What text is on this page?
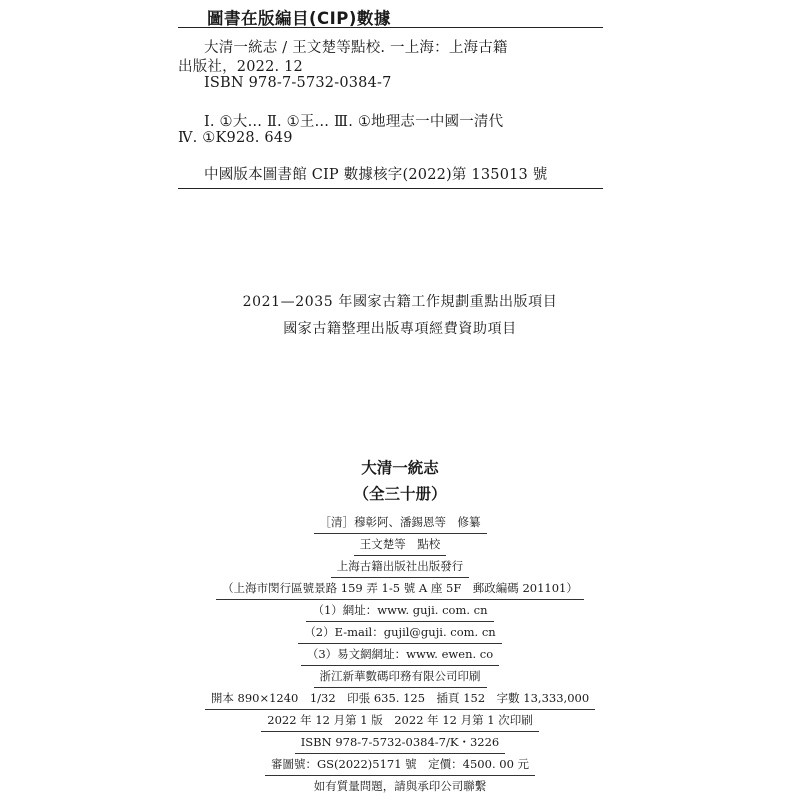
圖書在版編目(CIP)數據
大清一統志 / 王文楚等點校. 一上海：上海古籍
出版社，2022. 12
ISBN 978-7-5732-0384-7
Ⅰ. ①大… Ⅱ. ①王… Ⅲ. ①地理志一中國一清代
Ⅳ. ①K928. 649
中國版本圖書館 CIP 數據核字(2022)第 135013 號
2021—2035 年國家古籍工作規劃重點出版項目
國家古籍整理出版專項經費資助項目
大清一統志
（全三十册）
［清］穆彰阿、潘錫恩等　修纂
王文楚等　點校
上海古籍出版社出版發行
（上海市閔行區號景路 159 弄 1-5 號 A 座 5F　郵政編碼 201101）
（1）網址：www. guji. com. cn
（2）E-mail：gujil@guji. com. cn
（3）易文網網址：www. ewen. co
浙江新華數碼印務有限公司印刷
開本 890×1240　1/32　印張 635. 125　插頁 152　字數 13,333,000
2022 年 12 月第 1 版　2022 年 12 月第 1 次印刷
ISBN 978-7-5732-0384-7/K・3226
審圖號：GS(2022)5171 號　定價：4500. 00 元
如有質量問題，請與承印公司聯繫
